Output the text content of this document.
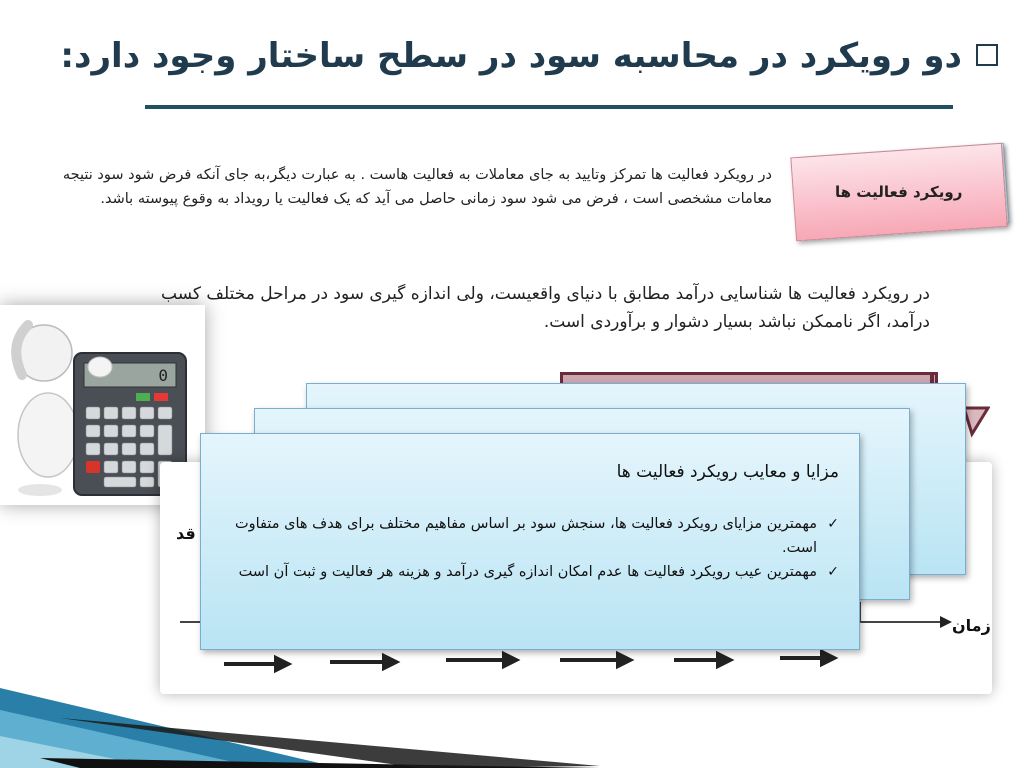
دو رویکرد در محاسبه سود در سطح ساختار وجود دارد:
رویکرد فعالیت ها
در رویکرد فعالیت ها تمرکز وتایید به جای معاملات به فعالیت هاست . به عبارت دیگر،به جای آنکه فرض شود سود نتیجه معامات مشخصی است ، فرض می شود سود زمانی حاصل می آید که یک فعالیت یا رویداد به وقوع پیوسته باشد.
در رویکرد فعالیت ها شناسایی درآمد مطابق با دنیای واقعیست، ولی اندازه گیری سود در مراحل مختلف کسب درآمد، اگر ناممکن نباشد بسیار دشوار و برآوردی است.
0
زمان
قد
مزایا و معایب رویکرد فعالیت ها
✓
مهمترین مزایای رویکرد فعالیت ها، سنجش سود بر اساس مفاهیم مختلف برای هدف های متفاوت است.
✓
مهمترین عیب رویکرد فعالیت ها عدم امکان اندازه گیری درآمد و هزینه هر فعالیت و ثبت آن است
